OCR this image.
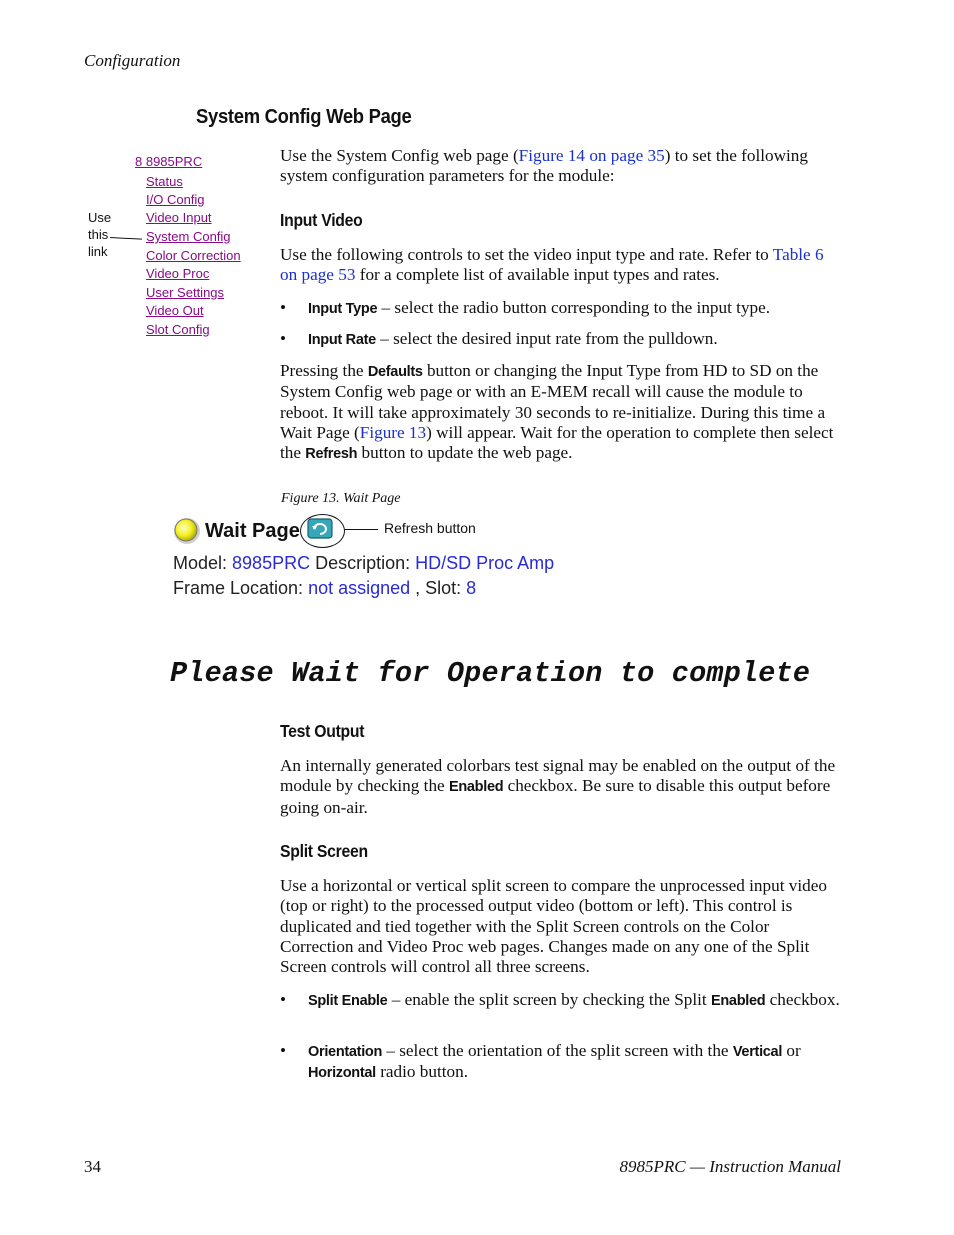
Configuration
System Config Web Page
8 8985PRC
Status
I/O Config
Video Input
System Config
Color Correction
Video Proc
User Settings
Video Out
Slot Config
Use
this
link
Use the System Config web page (Figure 14 on page 35) to set the following system configuration parameters for the module:
Input Video
Use the following controls to set the video input type and rate. Refer to Table 6 on page 53 for a complete list of available input types and rates.
• Input Type – select the radio button corresponding to the input type.
• Input Rate – select the desired input rate from the pulldown.
Pressing the Defaults button or changing the Input Type from HD to SD on the System Config web page or with an E-MEM recall will cause the module to reboot. It will take approximately 30 seconds to re-initialize. During this time a Wait Page (Figure 13) will appear. Wait for the operation to complete then select the Refresh button to update the web page.
Figure 13. Wait Page
Wait Page	Refresh button
Model: 8985PRC Description: HD/SD Proc Amp
Frame Location: not assigned , Slot: 8
Please Wait for Operation to complete
Test Output
An internally generated colorbars test signal may be enabled on the output of the module by checking the Enabled checkbox. Be sure to disable this output before going on-air.
Split Screen
Use a horizontal or vertical split screen to compare the unprocessed input video (top or right) to the processed output video (bottom or left). This control is duplicated and tied together with the Split Screen controls on the Color Correction and Video Proc web pages. Changes made on any one of the Split Screen controls will control all three screens.
• Split Enable – enable the split screen by checking the Split Enabled checkbox.
• Orientation – select the orientation of the split screen with the Vertical or Horizontal radio button.
34	8985PRC — Instruction Manual
